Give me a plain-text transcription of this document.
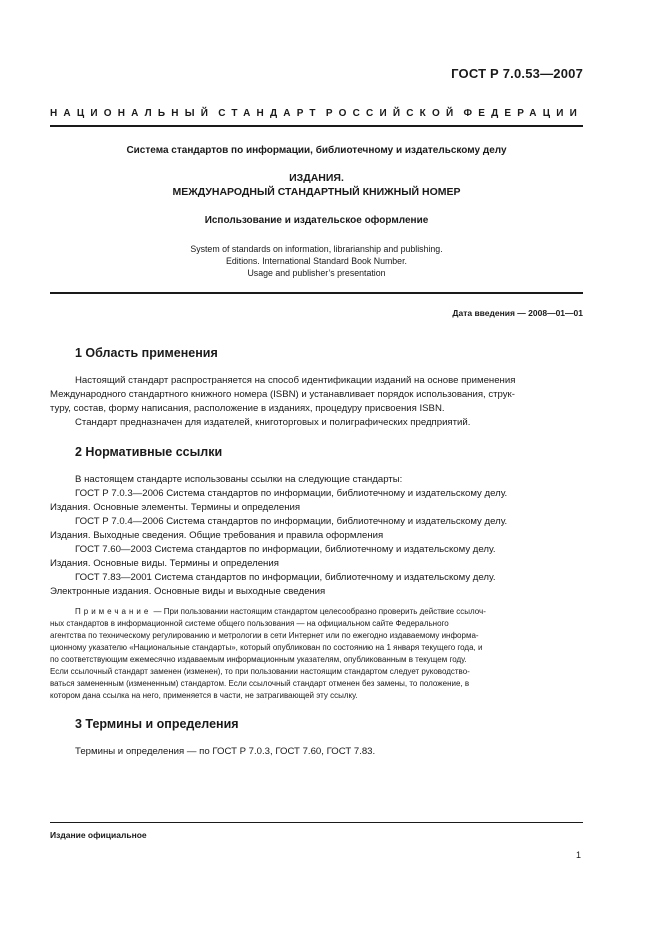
ГОСТ Р 7.0.53—2007
НАЦИОНАЛЬНЫЙ СТАНДАРТ РОССИЙСКОЙ ФЕДЕРАЦИИ
Система стандартов по информации, библиотечному и издательскому делу
ИЗДАНИЯ.
МЕЖДУНАРОДНЫЙ СТАНДАРТНЫЙ КНИЖНЫЙ НОМЕР
Использование и издательское оформление
System of standards on information, librarianship and publishing.
Editions. International Standard Book Number.
Usage and publisher’s presentation
Дата введения — 2008—01—01
1 Область применения

Настоящий стандарт распространяется на способ идентификации изданий на основе применения

Международного стандартного книжного номера (ISBN) и устанавливает порядок использования, струк-

туру, состав, форму написания, расположение в изданиях, процедуру присвоения ISBN.

Стандарт предназначен для издателей, книготорговых и полиграфических предприятий.

2 Нормативные ссылки

В настоящем стандарте использованы ссылки на следующие стандарты:

ГОСТ Р 7.0.3—2006 Система стандартов по информации, библиотечному и издательскому делу.

Издания. Основные элементы. Термины и определения

ГОСТ Р 7.0.4—2006 Система стандартов по информации, библиотечному и издательскому делу.

Издания. Выходные сведения. Общие требования и правила оформления

ГОСТ 7.60—2003 Система стандартов по информации, библиотечному и издательскому делу.

Издания. Основные виды. Термины и определения

ГОСТ 7.83—2001 Система стандартов по информации, библиотечному и издательскому делу.

Электронные издания. Основные виды и выходные сведения

Примечание — При пользовании настоящим стандартом целесообразно проверить действие ссылоч-
ных стандартов в информационной системе общего пользования — на официальном сайте Федерального
агентства по техническому регулированию и метрологии в сети Интернет или по ежегодно издаваемому информа-
ционному указателю «Национальные стандарты», который опубликован по состоянию на 1 января текущего года, и
по соответствующим ежемесячно издаваемым информационным указателям, опубликованным в текущем году.
Если ссылочный стандарт заменен (изменен), то при пользовании настоящим стандартом следует руководство-
ваться замененным (измененным) стандартом. Если ссылочный стандарт отменен без замены, то положение, в
котором дана ссылка на него, применяется в части, не затрагивающей эту ссылку.
3 Термины и определения

Термины и определения — по ГОСТ Р 7.0.3, ГОСТ 7.60, ГОСТ 7.83.

Издание официальное
1
